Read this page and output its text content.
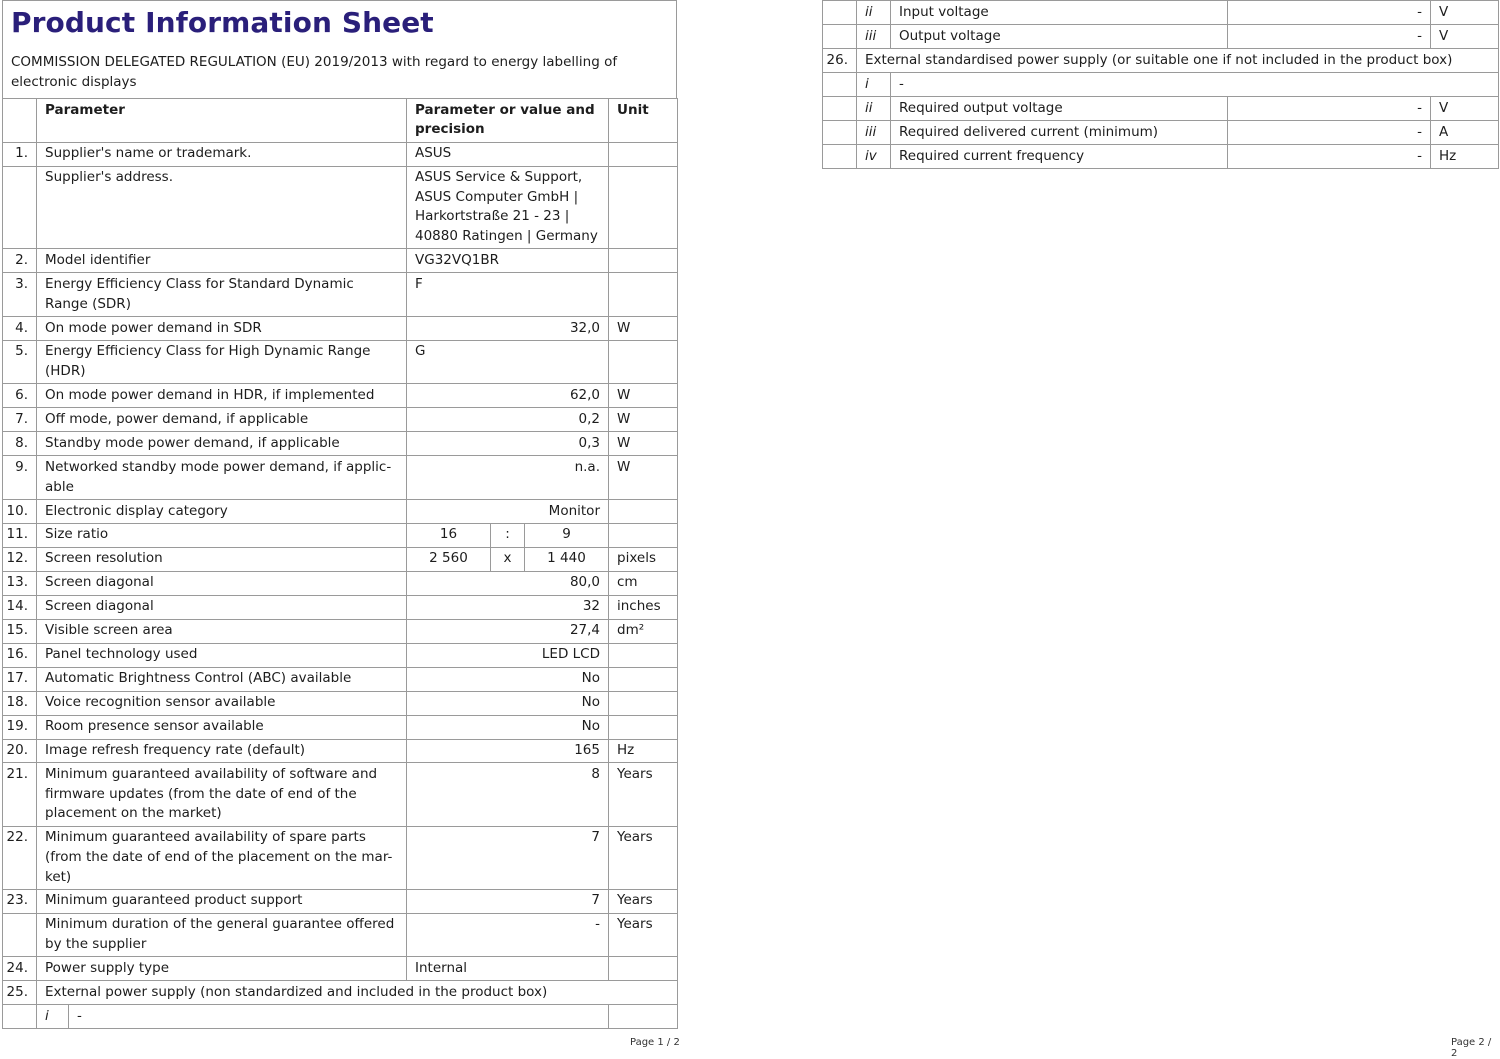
Product Information Sheet
COMMISSION DELEGATED REGULATION (EU) 2019/2013 with regard to energy labelling of electronic displays
	Parameter		Parameter or value and precision			Unit
1.	Supplier's name or trademark.		ASUS			
	Supplier's address.		ASUS Service & Support, ASUS Computer GmbH | Harkortstraße 21 - 23 | 40880 Ratingen | Germany			
2.	Model identifier		VG32VQ1BR			
3.	Energy Efficiency Class for Standard Dynamic Range (SDR)		F			
4.	On mode power demand in SDR		32,0			W
5.	Energy Efficiency Class for High Dynamic Range (HDR)		G			
6.	On mode power demand in HDR, if implemented		62,0			W
7.	Off mode, power demand, if applicable		0,2			W
8.	Standby mode power demand, if applicable		0,3			W
9.	Networked standby mode power demand, if applic-able		n.a.			W
10.	Electronic display category		Monitor			
11.	Size ratio		16	:	9	
12.	Screen resolution		2 560	x	1 440	pixels
13.	Screen diagonal		80,0			cm
14.	Screen diagonal		32			inches
15.	Visible screen area		27,4			dm²
16.	Panel technology used		LED LCD			
17.	Automatic Brightness Control (ABC) available		No			
18.	Voice recognition sensor available		No			
19.	Room presence sensor available		No			
20.	Image refresh frequency rate (default)		165			Hz
21.	Minimum guaranteed availability of software and firmware updates (from the date of end of the placement on the market)		8			Years
22.	Minimum guaranteed availability of spare parts (from the date of end of the placement on the mar-ket)		7			Years
23.	Minimum guaranteed product support		7			Years
	Minimum duration of the general guarantee offered by the supplier		-			Years
24.	Power supply type		Internal			
25.	External power supply (non standardized and included in the product box)					
	i	-				
Page 1 / 2
	ii	Input voltage	-	V
	iii	Output voltage	-	V
26.	External standardised power supply (or suitable one if not included in the product box)			
	i	-		
	ii	Required output voltage	-	V
	iii	Required delivered current (minimum)	-	A
	iv	Required current frequency	-	Hz
Page 2 / 2
